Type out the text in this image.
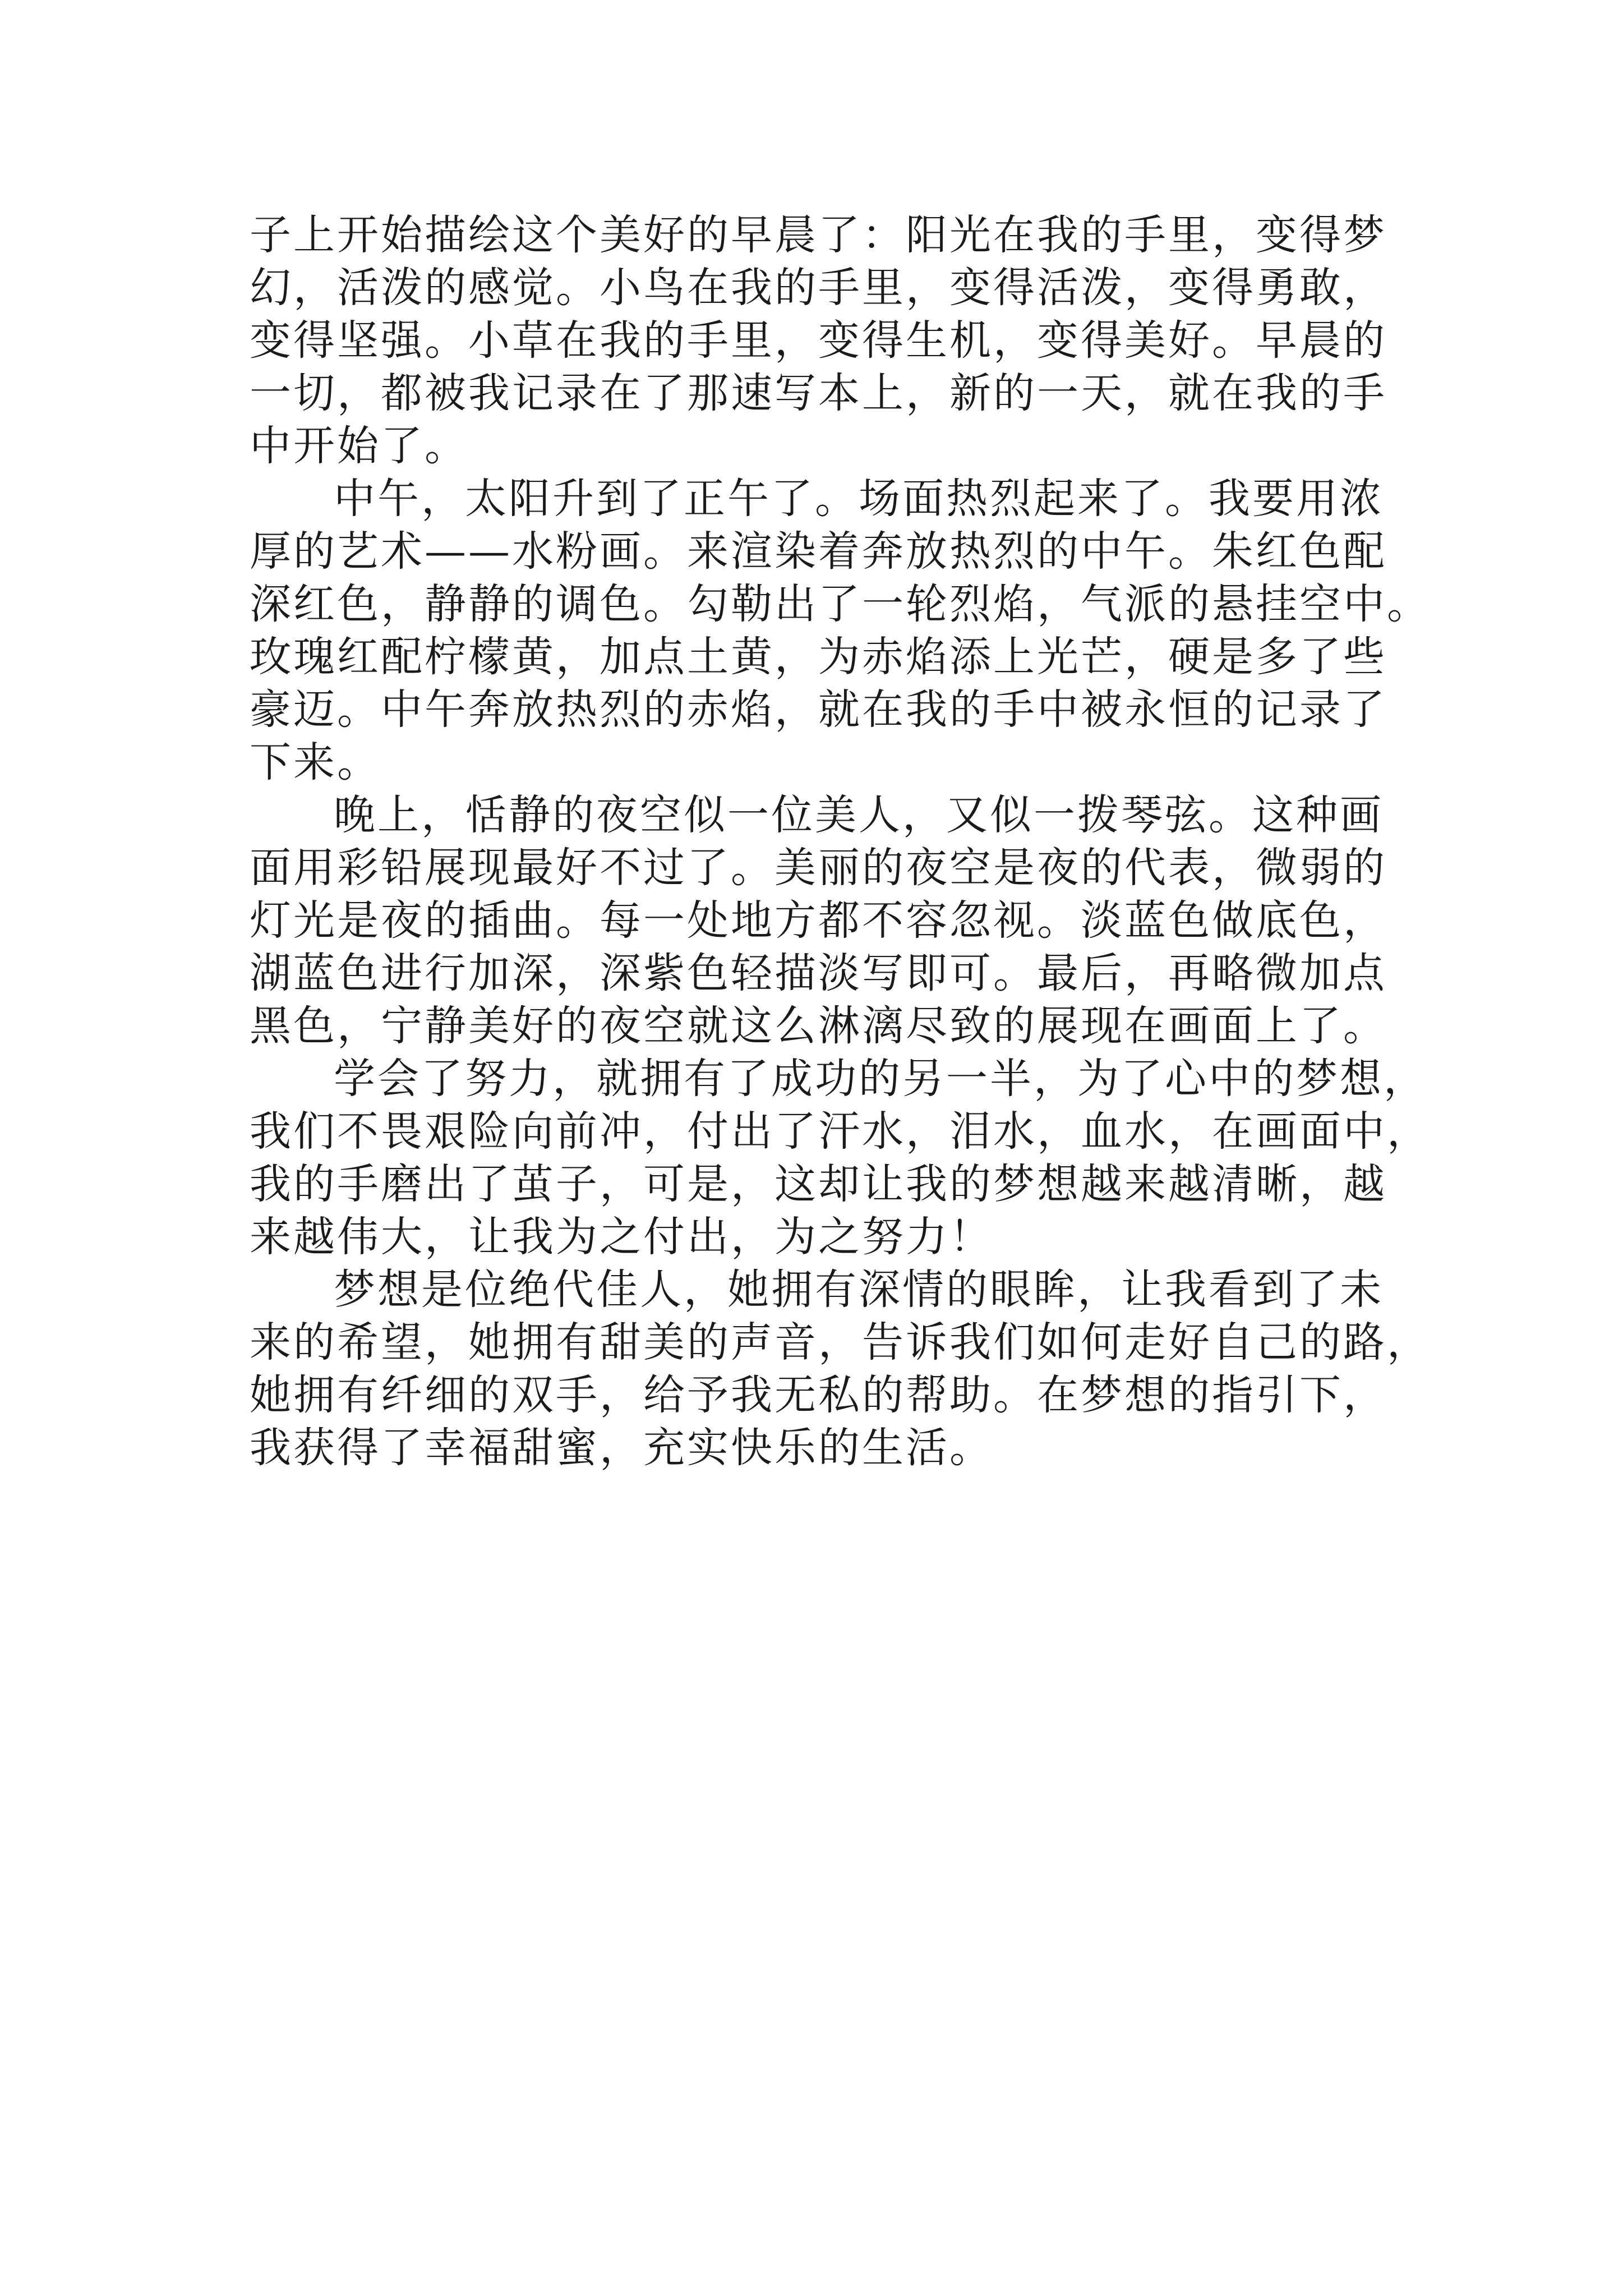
子上开始描绘这个美好的早晨了：阳光在我的手里，变得梦
幻，活泼的感觉。小鸟在我的手里，变得活泼，变得勇敢，
变得坚强。小草在我的手里，变得生机，变得美好。早晨的
一切，都被我记录在了那速写本上，新的一天，就在我的手
中开始了。
中午，太阳升到了正午了。场面热烈起来了。我要用浓
厚的艺术——水粉画。来渲染着奔放热烈的中午。朱红色配
深红色，静静的调色。勾勒出了一轮烈焰，气派的悬挂空中。
玫瑰红配柠檬黄，加点土黄，为赤焰添上光芒，硬是多了些
豪迈。中午奔放热烈的赤焰，就在我的手中被永恒的记录了
下来。
晚上，恬静的夜空似一位美人，又似一拨琴弦。这种画
面用彩铅展现最好不过了。美丽的夜空是夜的代表，微弱的
灯光是夜的插曲。每一处地方都不容忽视。淡蓝色做底色，
湖蓝色进行加深，深紫色轻描淡写即可。最后，再略微加点
黑色，宁静美好的夜空就这么淋漓尽致的展现在画面上了。
学会了努力，就拥有了成功的另一半，为了心中的梦想，
我们不畏艰险向前冲，付出了汗水，泪水，血水，在画面中，
我的手磨出了茧子，可是，这却让我的梦想越来越清晰，越
来越伟大，让我为之付出，为之努力！
梦想是位绝代佳人，她拥有深情的眼眸，让我看到了未
来的希望，她拥有甜美的声音，告诉我们如何走好自己的路，
她拥有纤细的双手，给予我无私的帮助。在梦想的指引下，
我获得了幸福甜蜜，充实快乐的生活。
